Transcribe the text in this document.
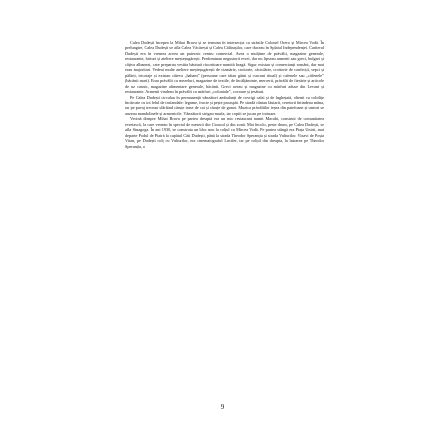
Calea Dudești începea la Mihai Bravu și se termina în intersecția cu străzile Colonel Orero și Mircea Vodă. În prelungire, Calea Dudești se afla Calea Văcărești și Calea Călărașilor, care duceau în Splaiul Independenței. Cartierul Dudești era în vremea aceea un puternic centru comercial. Avea o mulțime de prăvălii, magazine generale, restaurante, birturi și ateliere meșteșugărești. Predominau negustorii evrei, dar nu lipseau armenii sau greci, bulgari și câțiva albanezi, care preparau vestita băutură răcoritoare numită bragă. Sigur existau și comercianți români, dar mai erau majoritari. Vedeai multe ateliere meșteșugărești de cizmărie, croitorie, căciulărie, croitorie de confecții, sepci și pălării, tricotaje și existau câteva „haham” (persoane care tăiau găini și curcani ritual) și cafenele sau „căfenele” (băcănii mari). Erau prăvălii cu mezeluri, magazine de textile, de încălțăminte, mercerii, prăvălii de fierărie și articole de uz casnic, magazine alimentare generale, băcănii. Greci aveau și magazine cu mărfuri aduse din Levant și restaurante. Armenii vindeau în prăvălii cu mărfuri „coloniale”, covoare și țesături.

Pe Calea Dudești circulau în permanență vânzători ambulanți de covrigi calzi și de înghețată, oltenii cu cobilițe încărcate cu tot felul de trufandale: legume, fructe și pește proaspăt. Pe stradă cântau lăutarii, ceretorii întindeau mâna, iar pe pavaj treceau sfârâind căruțe trase de cai și căruțe de gunoi. Muzica prăvăliilor ieșea din patefoane și uneori se auzeau mandolinele și armonicile. Vânzătorii strigau marfa, iar copiii se jucau pe trotuare.

Vecină dinspre Mihai Bravu pe partea dreaptă era un mic restaurant numit Macabi, construit de comunitatea evreiască, la care veneau în special de meserii din Cioacul și din zonă. Mai încolo, peste drum, pe Calea Dudești, se afla Sinagoga. În ani 1930, se construia un bloc nou la colțul cu Mircea Vodă. Pe partea stângă era Piața Unirii, mai departe Podul de Piatră la capătul Căii Dudești, până la strada Theodor Speranția și strada Vulturilor. Vizavi de Poșta Vitan, pe Dudești colț cu Vulturilor, era cinematograful Lucifer, iar pe colțul din dreapta, la întrarea pe Theodor Speranția, o

9
